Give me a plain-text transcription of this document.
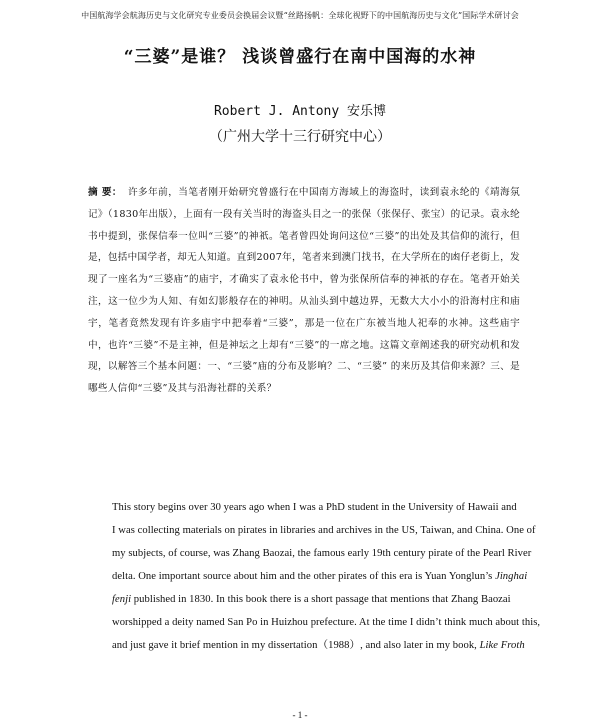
中国航海学会航海历史与文化研究专业委员会换届会议暨“丝路扬帆：全球化视野下的中国航海历史与文化”国际学术研讨会
“三婆”是谁？ 浅谈曾盛行在南中国海的水神
Robert J. Antony 安乐博
（广州大学十三行研究中心）
摘 要： 许多年前，当笔者刚开始研究曾盛行在中国南方海域上的海盗时，读到袁永纶的《靖海氛记》（1830年出版），上面有一段有关当时的海盗头目之一的张保（张保仔、张宝）的记录。袁永纶书中提到，张保信奉一位叫“三婆”的神祇。笔者曾四处询问这位“三婆”的出处及其信仰的流行，但是，包括中国学者，却无人知道。直到2007年，笔者来到澳门找书，在大学所在的凼仔老街上，发现了一座名为“三婆庙”的庙宇，才确实了袁永伦书中，曾为张保所信奉的神祇的存在。笔者开始关注，这一位少为人知、有如幻影般存在的神明。从汕头到中越边界，无数大大小小的沿海村庄和庙宇，笔者竟然发现有许多庙宇中把奉着“三婆”，那是一位在广东被当地人祀奉的水神。这些庙宇中，也许“三婆”不是主神，但是神坛之上却有“三婆”的一席之地。这篇文章阐述我的研究动机和发现，以解答三个基本问题：一、“三婆”庙的分布及影响？二、“三婆” 的来历及其信仰来源？三、是哪些人信仰“三婆”及其与沿海社群的关系？
This story begins over 30 years ago when I was a PhD student in the University of Hawaii and
I was collecting materials on pirates in libraries and archives in the US, Taiwan, and China. One of
my subjects, of course, was Zhang Baozai, the famous early 19th century pirate of the Pearl River
delta. One important source about him and the other pirates of this era is Yuan Yonglun’s Jinghai
fenji published in 1830. In this book there is a short passage that mentions that Zhang Baozai
worshipped a deity named San Po in Huizhou prefecture. At the time I didn’t think much about this,
and just gave it brief mention in my dissertation（1988）, and also later in my book, Like Froth
- 1 -
